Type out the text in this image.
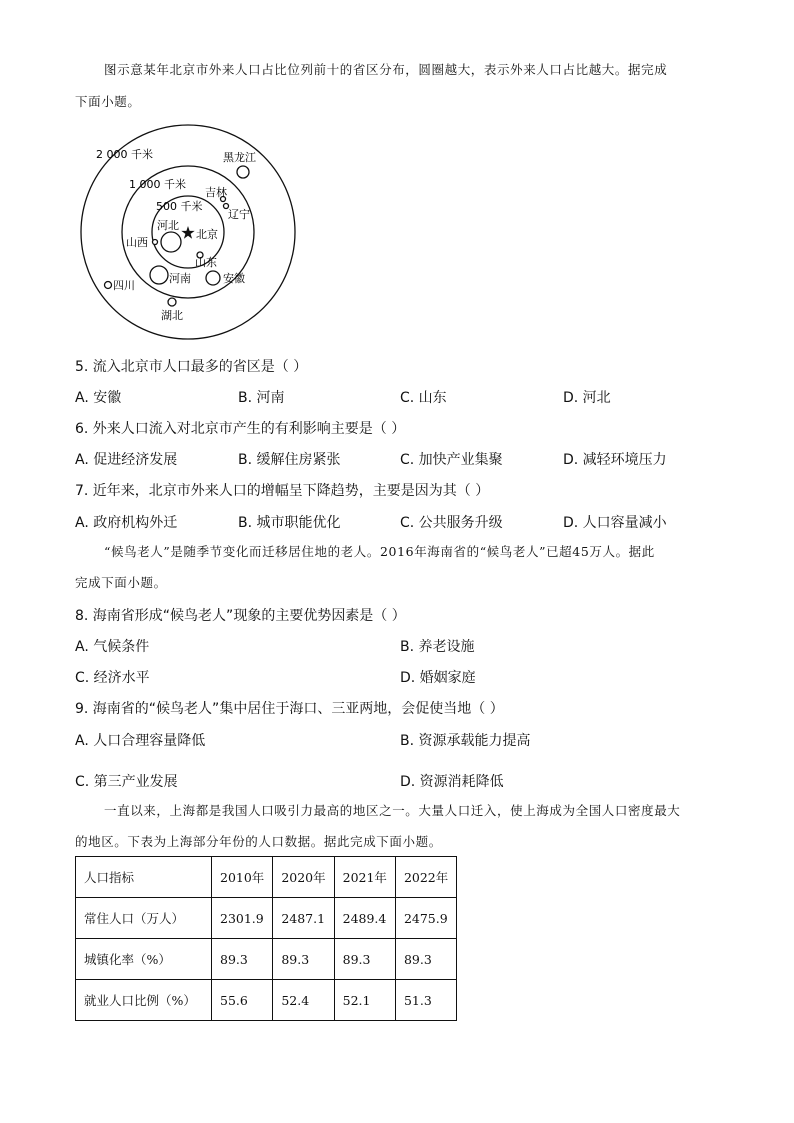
图示意某年北京市外来人口占比位列前十的省区分布，圆圈越大，表示外来人口占比越大。据完成
下面小题。
2 000 千米
1 000 千米
500 千米
北京
黑龙江
吉林
辽宁
河北
山西
山东
河南	安徽
四川
湖北
5. 流入北京市人口最多的省区是（ ）
A. 安徽	B. 河南	C. 山东	D. 河北
6. 外来人口流入对北京市产生的有利影响主要是（ ）
A. 促进经济发展	B. 缓解住房紧张	C. 加快产业集聚	D. 减轻环境压力
7. 近年来，北京市外来人口的增幅呈下降趋势，主要是因为其（ ）
A. 政府机构外迁	B. 城市职能优化	C. 公共服务升级	D. 人口容量减小
“候鸟老人”是随季节变化而迁移居住地的老人。2016年海南省的“候鸟老人”已超45万人。据此
完成下面小题。
8. 海南省形成“候鸟老人”现象的主要优势因素是（ ）
A. 气候条件	B. 养老设施
C. 经济水平	D. 婚姻家庭
9. 海南省的“候鸟老人”集中居住于海口、三亚两地，会促使当地（ ）
A. 人口合理容量降低	B. 资源承载能力提高
C. 第三产业发展	D. 资源消耗降低
一直以来，上海都是我国人口吸引力最高的地区之一。大量人口迁入，使上海成为全国人口密度最大
的地区。下表为上海部分年份的人口数据。据此完成下面小题。
人口指标	2010年	2020年	2021年	2022年
常住人口（万人）	2301.9	2487.1	2489.4	2475.9
城镇化率（%）	89.3	89.3	89.3	89.3
就业人口比例（%）	55.6	52.4	52.1	51.3
